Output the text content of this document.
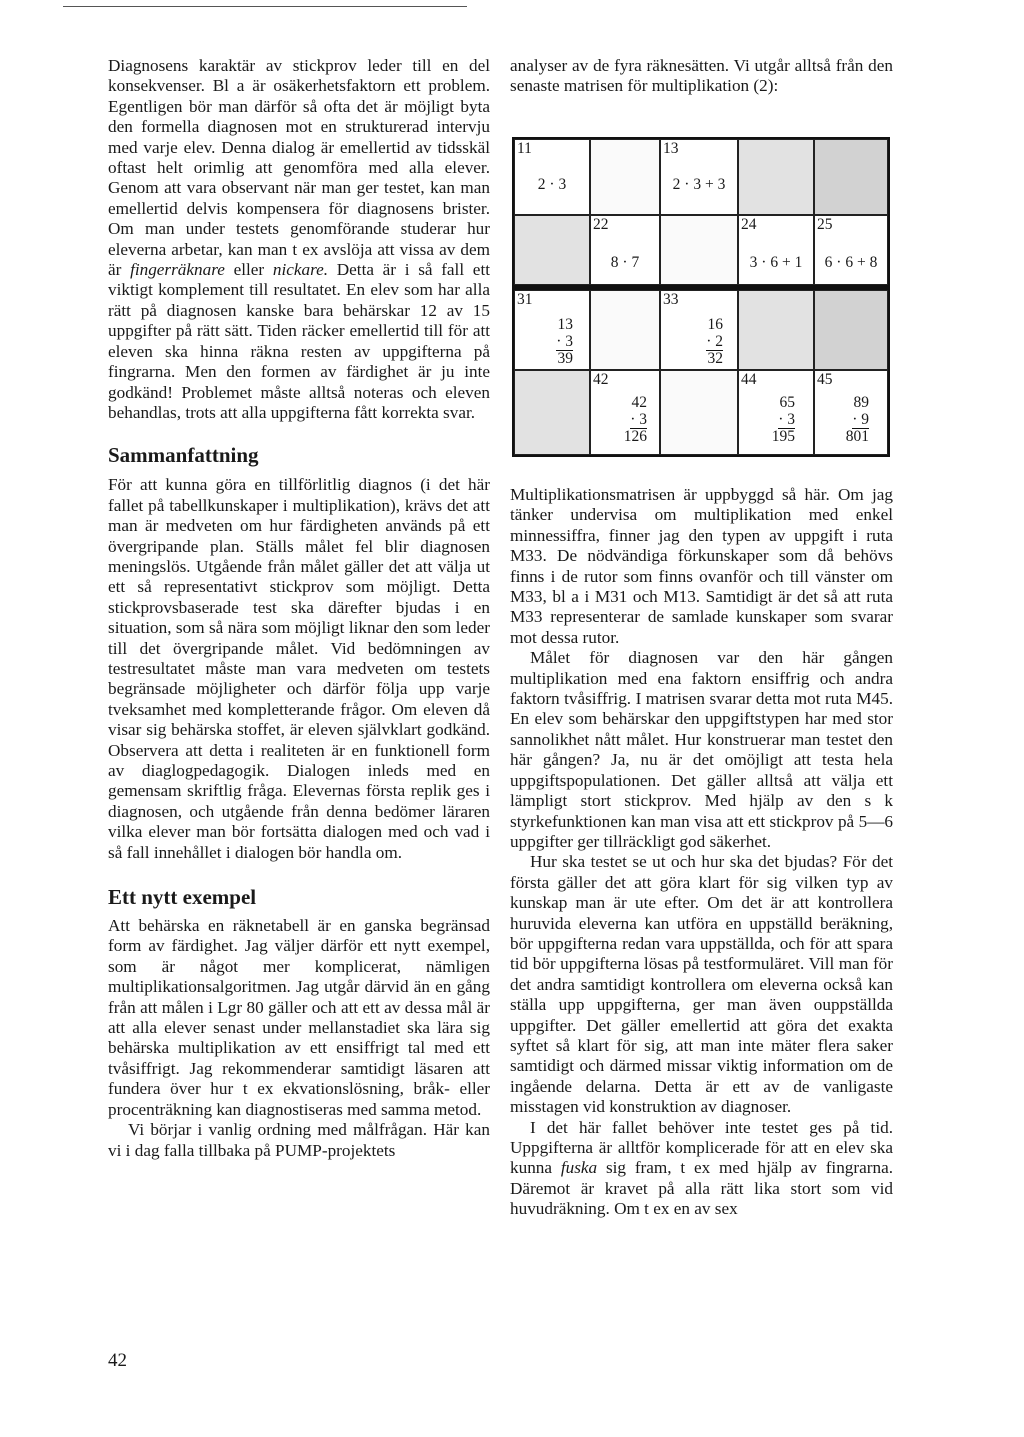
Diagnosens karaktär av stickprov leder till en del konsekvenser. Bl a är osäkerhetsfaktorn ett problem. Egentligen bör man därför så ofta det är möjligt byta den formella diagnosen mot en strukturerad intervju med varje elev. Denna dialog är emellertid av tidsskäl oftast helt orimlig att genomföra med alla elever. Genom att vara observant när man ger testet, kan man emellertid delvis kompensera för diagnosens brister. Om man under testets genomförande studerar hur eleverna arbetar, kan man t ex avslöja att vissa av dem är fingerräknare eller nickare. Detta är i så fall ett viktigt komplement till resultatet. En elev som har alla rätt på diagnosen kanske bara behärskar 12 av 15 uppgifter på rätt sätt. Tiden räcker emellertid till för att eleven ska hinna räkna resten av uppgifterna på fingrarna. Men den formen av färdighet är ju inte godkänd! Problemet måste alltså noteras och eleven behandlas, trots att alla uppgifterna fått korrekta svar.

Sammanfattning

För att kunna göra en tillförlitlig diagnos (i det här fallet på tabellkunskaper i multiplikation), krävs det att man är medveten om hur färdigheten används på ett övergripande plan. Ställs målet fel blir diagnosen meningslös. Utgående från målet gäller det att välja ut ett så representativt stickprov som möjligt. Detta stickprovsbaserade test ska därefter bjudas i en situation, som så nära som möjligt liknar den som leder till det övergripande målet. Vid bedömningen av testresultatet måste man vara medveten om testets begränsade möjligheter och därför följa upp varje tveksamhet med kompletterande frågor. Om eleven då visar sig behärska stoffet, är eleven självklart godkänd. Observera att detta i realiteten är en funktionell form av diaglogpedagogik. Dialogen inleds med en gemensam skriftlig fråga. Elevernas första replik ges i diagnosen, och utgående från denna bedömer läraren vilka elever man bör fortsätta dialogen med och vad i så fall innehållet i dialogen bör handla om.

Ett nytt exempel

Att behärska en räknetabell är en ganska begränsad form av färdighet. Jag väljer därför ett nytt exempel, som är något mer komplicerat, nämligen multiplikationsalgoritmen. Jag utgår därvid än en gång från att målen i Lgr 80 gäller och att ett av dessa mål är att alla elever senast under mellanstadiet ska lära sig behärska multiplikation av ett ensiffrigt tal med ett tvåsiffrigt. Jag rekommenderar samtidigt läsaren att fundera över hur t ex ekvationslösning, bråk- eller procenträkning kan diagnostiseras med samma metod.

Vi börjar i vanlig ordning med målfrågan. Här kan vi i dag falla tillbaka på PUMP-projektets

analyser av de fyra räknesätten. Vi utgår alltså från den senaste matrisen för multiplikation (2):

11
2 · 3
13
2 · 3 + 3
22
8 · 7
24
3 · 6 + 1
25
6 · 6 + 8
31
13
· 3
39
33
16
· 2
32
42
42
· 3
126
44
65
· 3
195
45
89
· 9
801

Multiplikationsmatrisen är uppbyggd så här. Om jag tänker undervisa om multiplikation med enkel minnessiffra, finner jag den typen av uppgift i ruta M33. De nödvändiga förkunskaper som då behövs finns i de rutor som finns ovanför och till vänster om M33, bl a i M31 och M13. Samtidigt är det så att ruta M33 representerar de samlade kunskaper som svarar mot dessa rutor.

Målet för diagnosen var den här gången multiplikation med ena faktorn ensiffrig och andra faktorn tvåsiffrig. I matrisen svarar detta mot ruta M45. En elev som behärskar den uppgiftstypen har med stor sannolikhet nått målet. Hur konstruerar man testet den här gången? Ja, nu är det omöjligt att testa hela uppgiftspopulationen. Det gäller alltså att välja ett lämpligt stort stickprov. Med hjälp av den s k styrkefunktionen kan man visa att ett stickprov på 5—6 uppgifter ger tillräckligt god säkerhet.

Hur ska testet se ut och hur ska det bjudas? För det första gäller det att göra klart för sig vilken typ av kunskap man är ute efter. Om det är att kontrollera huruvida eleverna kan utföra en uppställd beräkning, bör uppgifterna redan vara uppställda, och för att spara tid bör uppgifterna lösas på testformuläret. Vill man för det andra samtidigt kontrollera om eleverna också kan ställa upp uppgifterna, ger man även ouppställda uppgifter. Det gäller emellertid att göra det exakta syftet så klart för sig, att man inte mäter flera saker samtidigt och därmed missar viktig information om de ingående delarna. Detta är ett av de vanligaste misstagen vid konstruktion av diagnoser.

I det här fallet behöver inte testet ges på tid. Uppgifterna är alltför komplicerade för att en elev ska kunna fuska sig fram, t ex med hjälp av fingrarna. Däremot är kravet på alla rätt lika stort som vid huvudräkning. Om t ex en av sex

42
